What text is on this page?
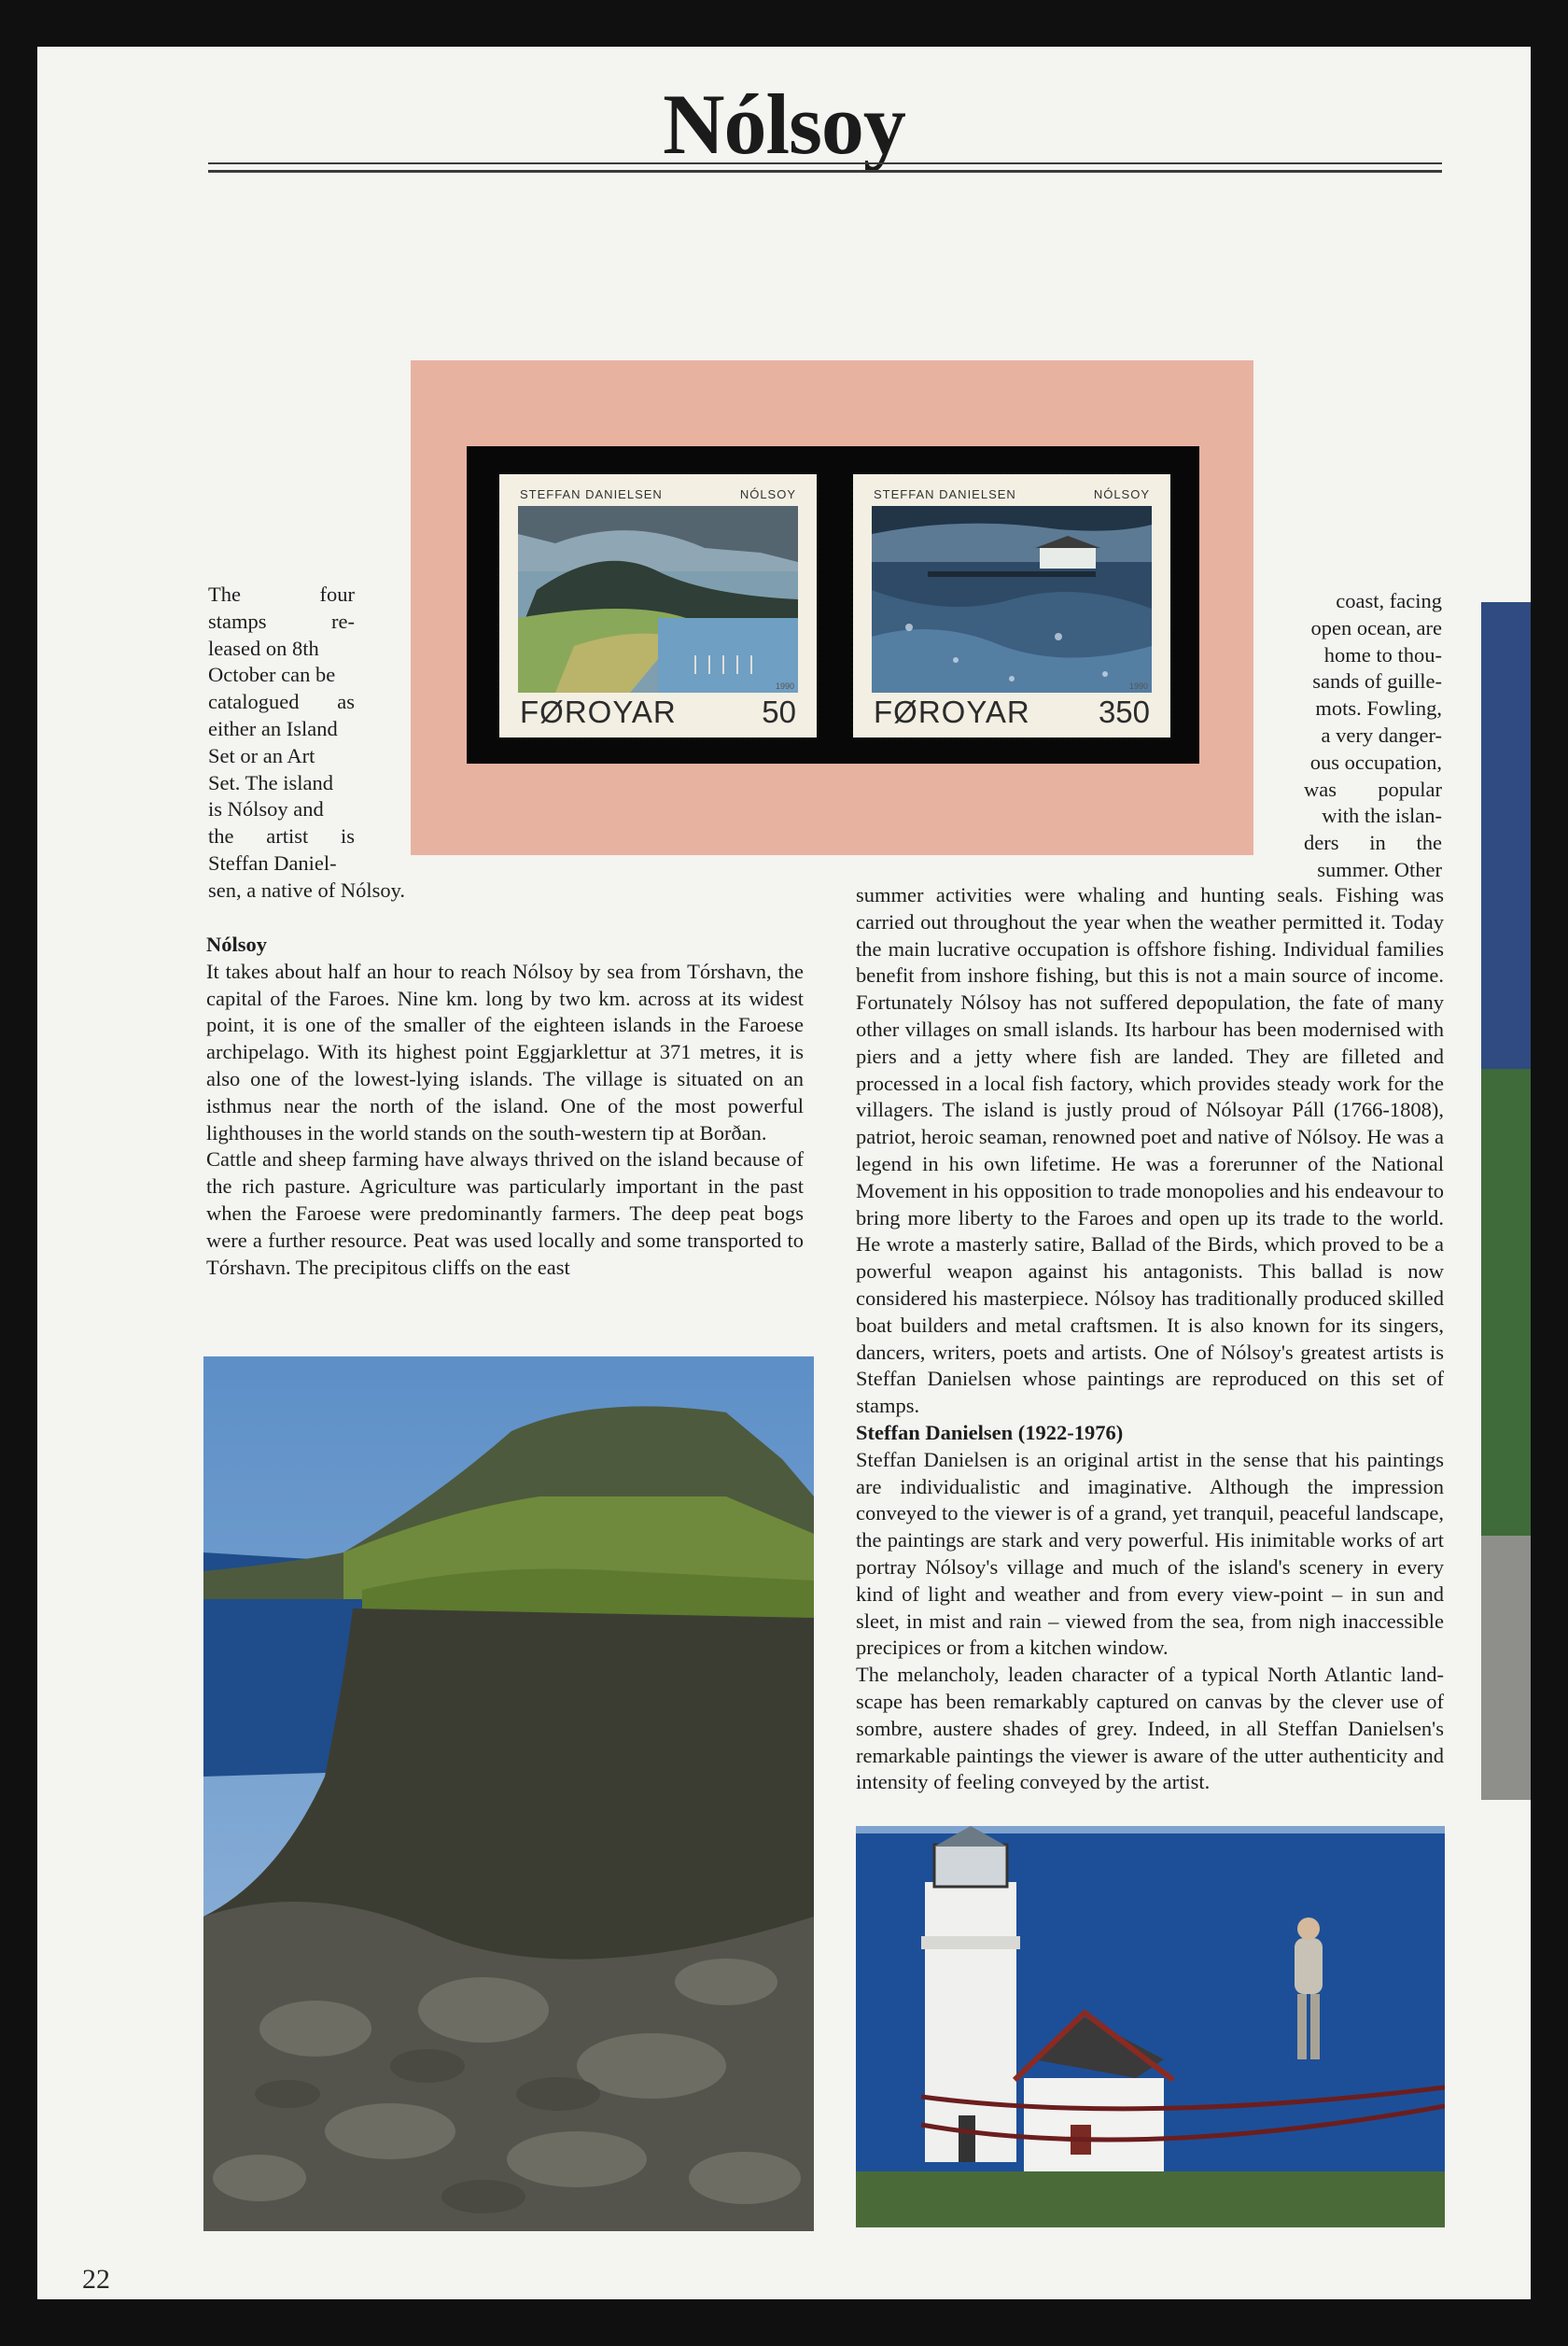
Nólsoy
STEFFAN DANIELSEN	NÓLSOY
1990
FØROYAR	50
STEFFAN DANIELSEN	NÓLSOY
1990
FØROYAR 350
The	four
stamps	re-
leased on 8th
October can be
catalogued as
either an Island
Set or an Art
Set. The island
is Nólsoy and
the artist is
Steffan Daniel-
sen, a native of Nólsoy.
coast, facing
open ocean, are
home to thou-
sands of guille-
mots. Fowling,
a very danger-
ous occupation,
was popular
with the islan-
ders in the
summer. Other
Nólsoy

It takes about half an hour to reach Nólsoy by sea from Tórshavn, the capital of the Faroes. Nine km. long by two km. across at its widest point, it is one of the smaller of the eighteen islands in the Faroese archipelago. With its highest point Eggjarklettur at 371 metres, it is also one of the lowest-lying islands. The village is situated on an isthmus near the north of the island. One of the most powerful lighthouses in the world stands on the south-western tip at Borðan.

Cattle and sheep farming have always thrived on the island because of the rich pasture. Agriculture was particularly important in the past when the Faroese were predominantly farmers. The deep peat bogs were a further resource. Peat was used locally and some transported to Tórshavn. The precipitous cliffs on the east

summer activities were whaling and hunting seals. Fishing was carried out throughout the year when the weather permitted it. Today the main lucrative occupation is offshore fishing. Individual families benefit from inshore fishing, but this is not a main source of income. Fortunately Nólsoy has not suffered depopulation, the fate of many other villages on small islands. Its harbour has been modernised with piers and a jetty where fish are landed. They are filleted and processed in a local fish factory, which provides steady work for the villagers. The island is justly proud of Nólsoyar Páll (1766-1808), patriot, heroic seaman, renowned poet and native of Nólsoy. He was a legend in his own lifetime. He was a forerunner of the National Movement in his opposition to trade monopolies and his endeavour to bring more liberty to the Faroes and open up its trade to the world. He wrote a masterly satire, Ballad of the Birds, which proved to be a powerful weapon against his antagonists. This ballad is now considered his masterpiece. Nólsoy has traditionally produced skilled boat builders and metal craftsmen. It is also known for its singers, dancers, writers, poets and artists. One of Nólsoy's greatest artists is Steffan Danielsen whose paintings are reproduced on this set of stamps.

Steffan Danielsen (1922-1976)

Steffan Danielsen is an original artist in the sense that his paintings are individualistic and imaginative. Although the impression conveyed to the viewer is of a grand, yet tranquil, peaceful landscape, the paintings are stark and very powerful. His inimitable works of art portray Nólsoy's village and much of the island's scenery in every kind of light and weather and from every view-point – in sun and sleet, in mist and rain – viewed from the sea, from nigh inaccessible precipices or from a kitchen window.

The melancholy, leaden character of a typical North Atlantic land-scape has been remarkably captured on canvas by the clever use of sombre, austere shades of grey. Indeed, in all Steffan Danielsen's remarkable paintings the viewer is aware of the utter authenticity and intensity of feeling conveyed by the artist.

22
